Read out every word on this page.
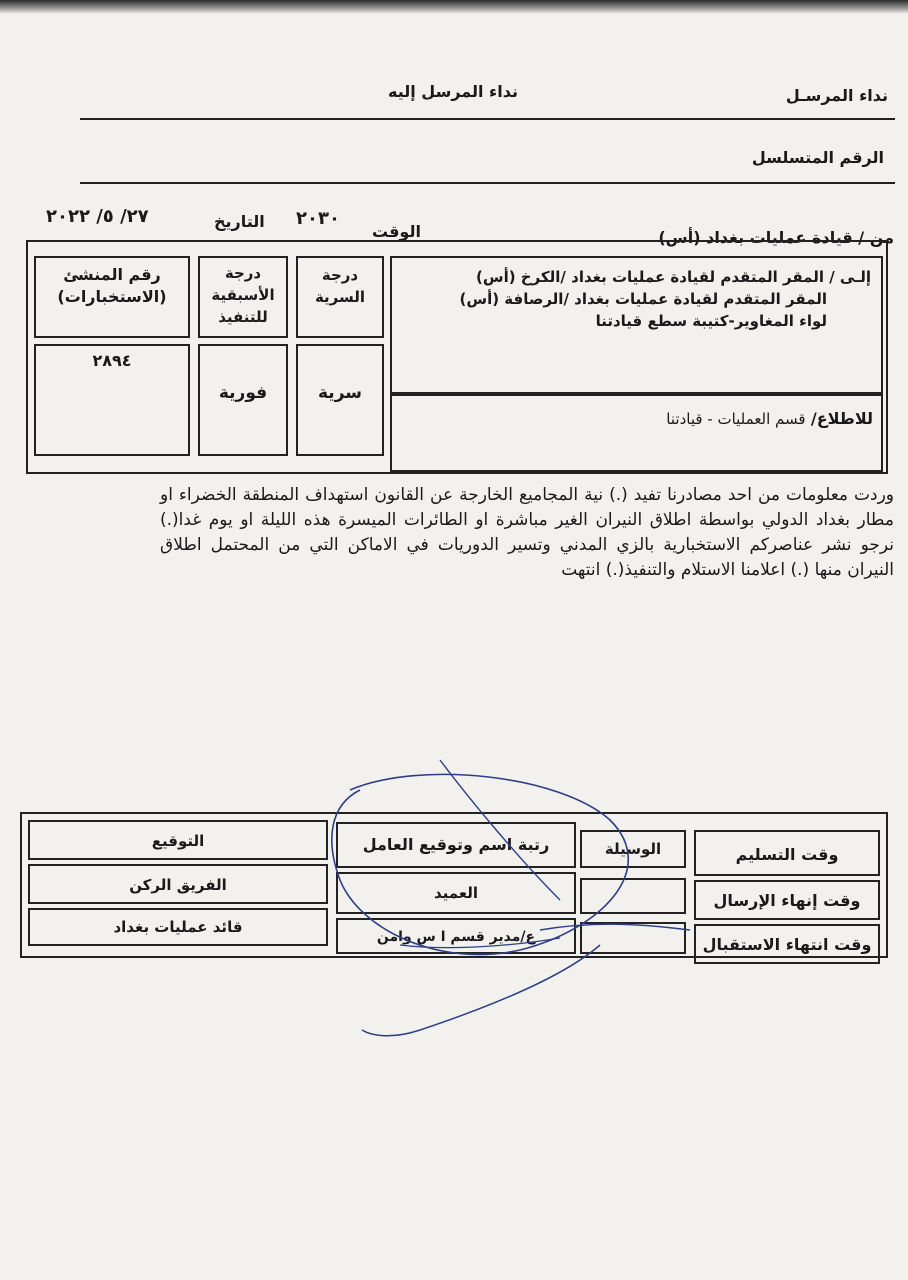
نداء المرسـل
نداء المرسل إليه
الرقم المتسلسل
من / قيادة عمليات بغداد (أس)
الوقت
٢٠٣٠
التاريخ
٢٧/ ٥/ ٢٠٢٢
إلـى / المقر المتقدم لقيادة عمليات بغداد /الكرخ (أس)
المقر المتقدم لقيادة عمليات بغداد /الرصافة (أس)
لواء المغاوير-كتيبة سطع قيادتنا
للاطلاع/ قسم العمليات - قيادتنا
درجة السرية
درجة الأسبقية للتنفيذ
رقم المنشئ (الاستخبارات)
سرية
فورية
٢٨٩٤
وردت معلومات من احد مصادرنا تفيد (.) نية المجاميع الخارجة عن القانون استهداف المنطقة الخضراء او مطار بغداد الدولي بواسطة اطلاق النيران الغير مباشرة او الطائرات الميسرة هذه الليلة او يوم غدا(.) نرجو نشر عناصركم الاستخبارية بالزي المدني وتسير الدوريات في الاماكن التي من المحتمل اطلاق النيران منها (.) اعلامنا الاستلام والتنفيذ(.) انتهت
وقت التسليم
وقت إنهاء الإرسال
وقت انتهاء الاستقبال
الوسيلة
رتبة اسم وتوقيع العامل
العميد
ع/مدير قسم ا س وامن
التوقيع
الفريق الركن
قائد عمليات بغداد
